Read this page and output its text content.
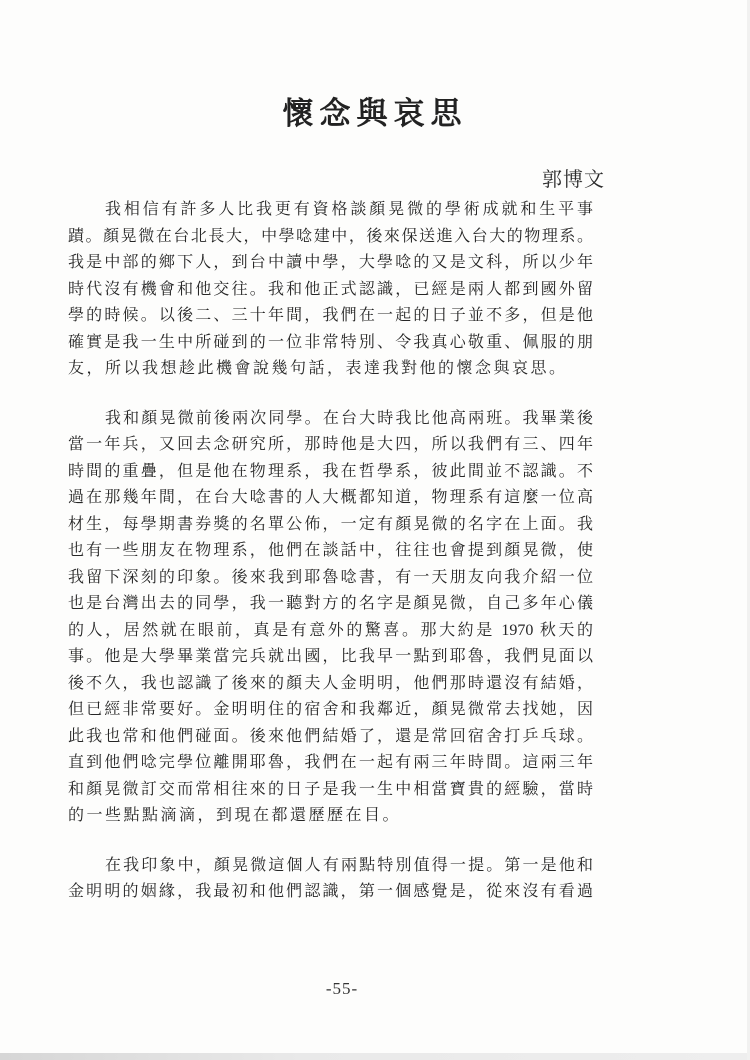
懷念與哀思
郭博文
我相信有許多人比我更有資格談顏晃微的學術成就和生平事
蹟。顏晃微在台北長大，中學唸建中，後來保送進入台大的物理系。
我是中部的鄉下人，到台中讀中學，大學唸的又是文科，所以少年
時代沒有機會和他交往。我和他正式認識，已經是兩人都到國外留
學的時候。以後二、三十年間，我們在一起的日子並不多，但是他
確實是我一生中所碰到的一位非常特別、令我真心敬重、佩服的朋
友，所以我想趁此機會說幾句話，表達我對他的懷念與哀思。
我和顏晃微前後兩次同學。在台大時我比他高兩班。我畢業後
當一年兵，又回去念研究所，那時他是大四，所以我們有三、四年
時間的重疊，但是他在物理系，我在哲學系，彼此間並不認識。不
過在那幾年間，在台大唸書的人大概都知道，物理系有這麼一位高
材生，每學期書券獎的名單公佈，一定有顏晃微的名字在上面。我
也有一些朋友在物理系，他們在談話中，往往也會提到顏晃微，使
我留下深刻的印象。後來我到耶魯唸書，有一天朋友向我介紹一位
也是台灣出去的同學，我一聽對方的名字是顏晃微，自己多年心儀
的人，居然就在眼前，真是有意外的驚喜。那大約是 1970 秋天的
事。他是大學畢業當完兵就出國，比我早一點到耶魯，我們見面以
後不久，我也認識了後來的顏夫人金明明，他們那時還沒有結婚，
但已經非常要好。金明明住的宿舍和我鄰近，顏晃微常去找她，因
此我也常和他們碰面。後來他們結婚了，還是常回宿舍打乒乓球。
直到他們唸完學位離開耶魯，我們在一起有兩三年時間。這兩三年
和顏晃微訂交而常相往來的日子是我一生中相當寶貴的經驗，當時
的一些點點滴滴，到現在都還歷歷在目。
在我印象中，顏晃微這個人有兩點特別值得一提。第一是他和
金明明的姻緣，我最初和他們認識，第一個感覺是，從來沒有看過
-55-
